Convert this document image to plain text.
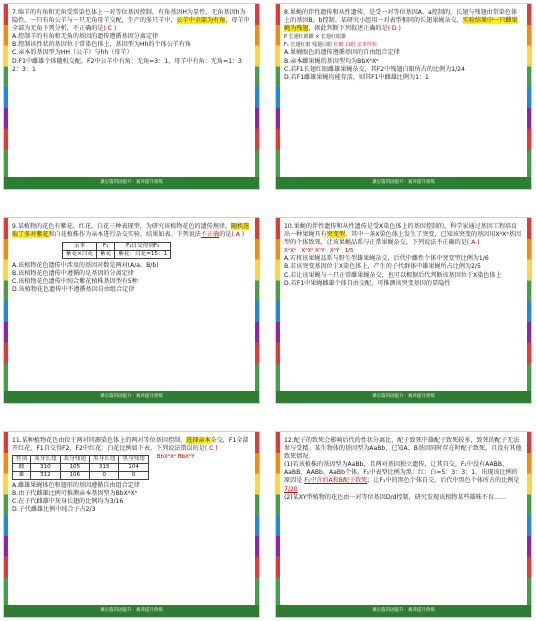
7.绵羊的有角和无角受常染色体上一对等位基因控制，有角基因H为显性，无角基因h为隐性，一只有角公羊与一只无角母羊交配，生产的多只羊中，公羊中全部为有角，母羊中全部为无角下列分析，不正确的是( C )

A.控制羊的有角和无角的基因的遗传遵循基因分离定律

B.控制该性状的基因位于常染色体上，基因型为Hh的个体公羊有角

C.亲本的基因型为HH（公羊）与hh（母羊）

D.F1中雌雄个体随机交配，F2中公羊中有角：无角=3：1，母羊中有角：无角=1：3

2：3：1

课后篇巩固提升 · 素养提升训练

8.果蝇的伴性遗传和从性遗传，是受一对等位基因A、a控制的，长翅与残翅由常染色体上的基因B、b控制。某研究小组用一对表型相同的长翅果蝇杂交，实验结果中一只雌果蝇为残翅，据此判断下列叙述正确的是( D )

P 长翅红眼雌 × 长翅红眼雄

F₁ 长翅红眼 残翅白眼 红眼 白眼 亲本性状

A.果蝇眼色的遗传遵循基因的自由组合定律

B.亲本雌果蝇的基因型均为BbXᴬXᵃ

C.若F1长翅红眼雌雄果蝇杂交，其F2中残翅白眼所占的比例为1/24

D.若F1雌雄果蝇均能存活，则其F1中雌雄比例为1：1

课后篇巩固提升 · 素养提升训练

9.某植物的花色有紫花、红花、白花三种表现型，为研究该植物花色的遗传规律，随机选取了多对紫花和白花植株作为亲本进行杂交实验，结果如表。下列说法不正确的是( A )

亲本	F₁	F₁自交得到F₂
紫花×白花	紫花	紫花：白花=15：1

A.该植物花色遗传中涉及的基因对数是两对(A/a、B/b)

B.该植物花色遗传中遵循的是基因的分离定律

C.该植物花色遗传中纯合紫花植株基因型有5种

D.该植物花色遗传中不遵循基因自由组合定律

课后篇巩固提升 · 素养提升训练

10.果蝇的伴性遗传和从性遗传是受X染色体上的基因控制的，科学家通过基因工程培育出一种果蝇具有突变型。其中一条X染色体上发生了突变，已知该突变的基因用XᴬXᵃ基因型的个体致死。让该果蝇品系与正常果蝇杂交，下列说法不正确的是( A )

XᴬXᵃ XᴬXᵃ XᴬY XᴬY 1/5

A.若将该果蝇品系与野生型雄果蝇杂交，后代中雌性个体中突变型比例为1/6

B.若该突变基因位于X染色体上，产生的子代群体中雄果蝇所占比例为2/5

C.若让该果蝇与一只正常雌果蝇杂交，也可以根据后代判断该基因位于X染色体上

D.若F1中果蝇雌雄个体自由交配，可推测该突变基因的显隐性

课后篇巩固提升 · 素养提升训练

11.某种植物花色由位于两对同源染色体上的两对等位基因控制，选择亲本杂交，F1全部开红花，F1自交得F2，F2中红花：白花比例如下表。下列说法错误的是( C )

性别	灰身长翅	灰身残翅	黑身长翅	黑身残翅
雌	310	105	315	104
雄	312	106	0	0
BbXᴬXᵃ BbXᴬY

A.雌雄果蝇体色和翅形的基因遵循自由组合定律

B.由子代雌雄比例可推测亲本基因型为BbXᴬXᵃ

C.在子代雌雄中灰身长翅的比例均为3/16

D.子代雌雄比例中纯合子占2/3

课后篇巩固提升 · 素养提升训练

12.配子的致死会影响后代的性状分离比，配子致死中雄配子致死较多，致死的配子无法参与受精。某生物体的基因型为AaBb，已知A、B基因同时存在时配子致死，且没有其他致死情况。

(1)若该植株的基因型为AaBb，且两对基因独立遗传，让其自交，F₁中没有AABB、AaBB、AABb、AaBb个体，F₁中表型比例为黑：红：白=5：3：3：1，出现该比例的原因是 F₁中含的A和B配子致死；让F₁中的黑色个体自交，后代中黑色个体所占的比例是 7/20

(2)某XY型植物的花色由一对等位基因D/d控制，研究发现该植物某些雄株不育……

课后篇巩固提升 · 素养提升训练
